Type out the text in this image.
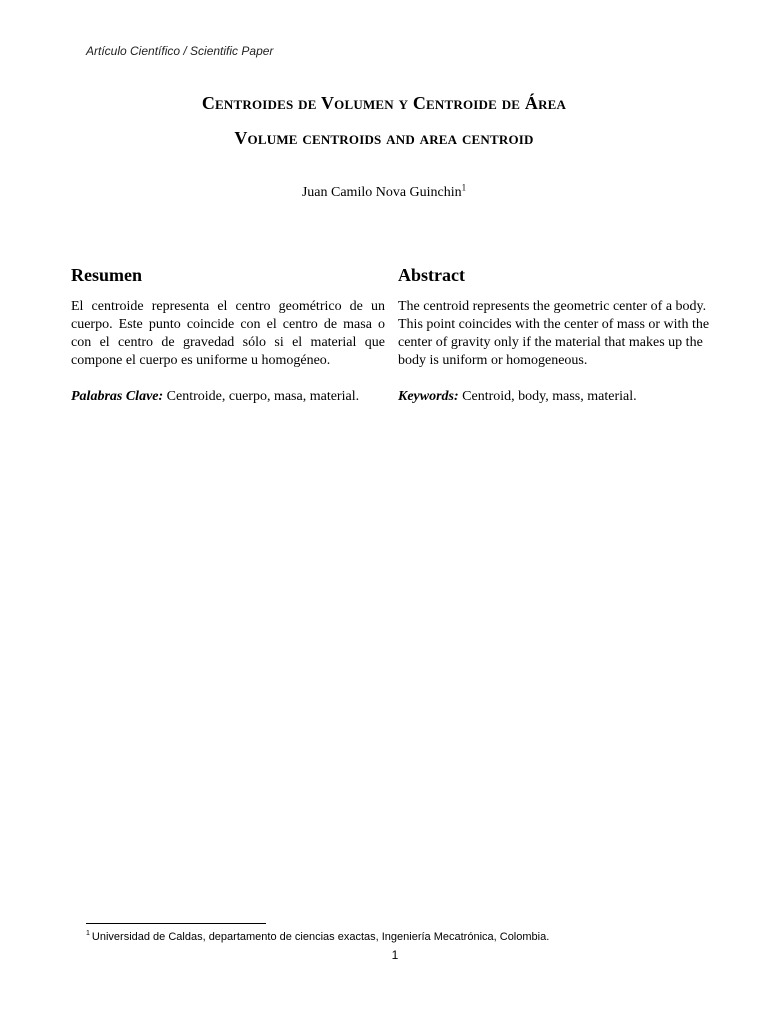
Artículo Científico / Scientific Paper
Centroides de Volumen y Centroide de Área
Volume centroids and area centroid
Juan Camilo Nova Guinchin$^1$
Resumen

El centroide representa el centro geométrico de un cuerpo. Este punto coincide con el centro de masa o con el centro de gravedad sólo si el material que compone el cuerpo es uniforme u homogéneo.

Palabras Clave: Centroide, cuerpo, masa, material.

Abstract

The centroid represents the geometric center of a body. This point coincides with the center of mass or with the center of gravity only if the material that makes up the body is uniform or homogeneous.

Keywords: Centroid, body, mass, material.

$^1$ Universidad de Caldas, departamento de ciencias exactas, Ingeniería Mecatrónica, Colombia.
1
